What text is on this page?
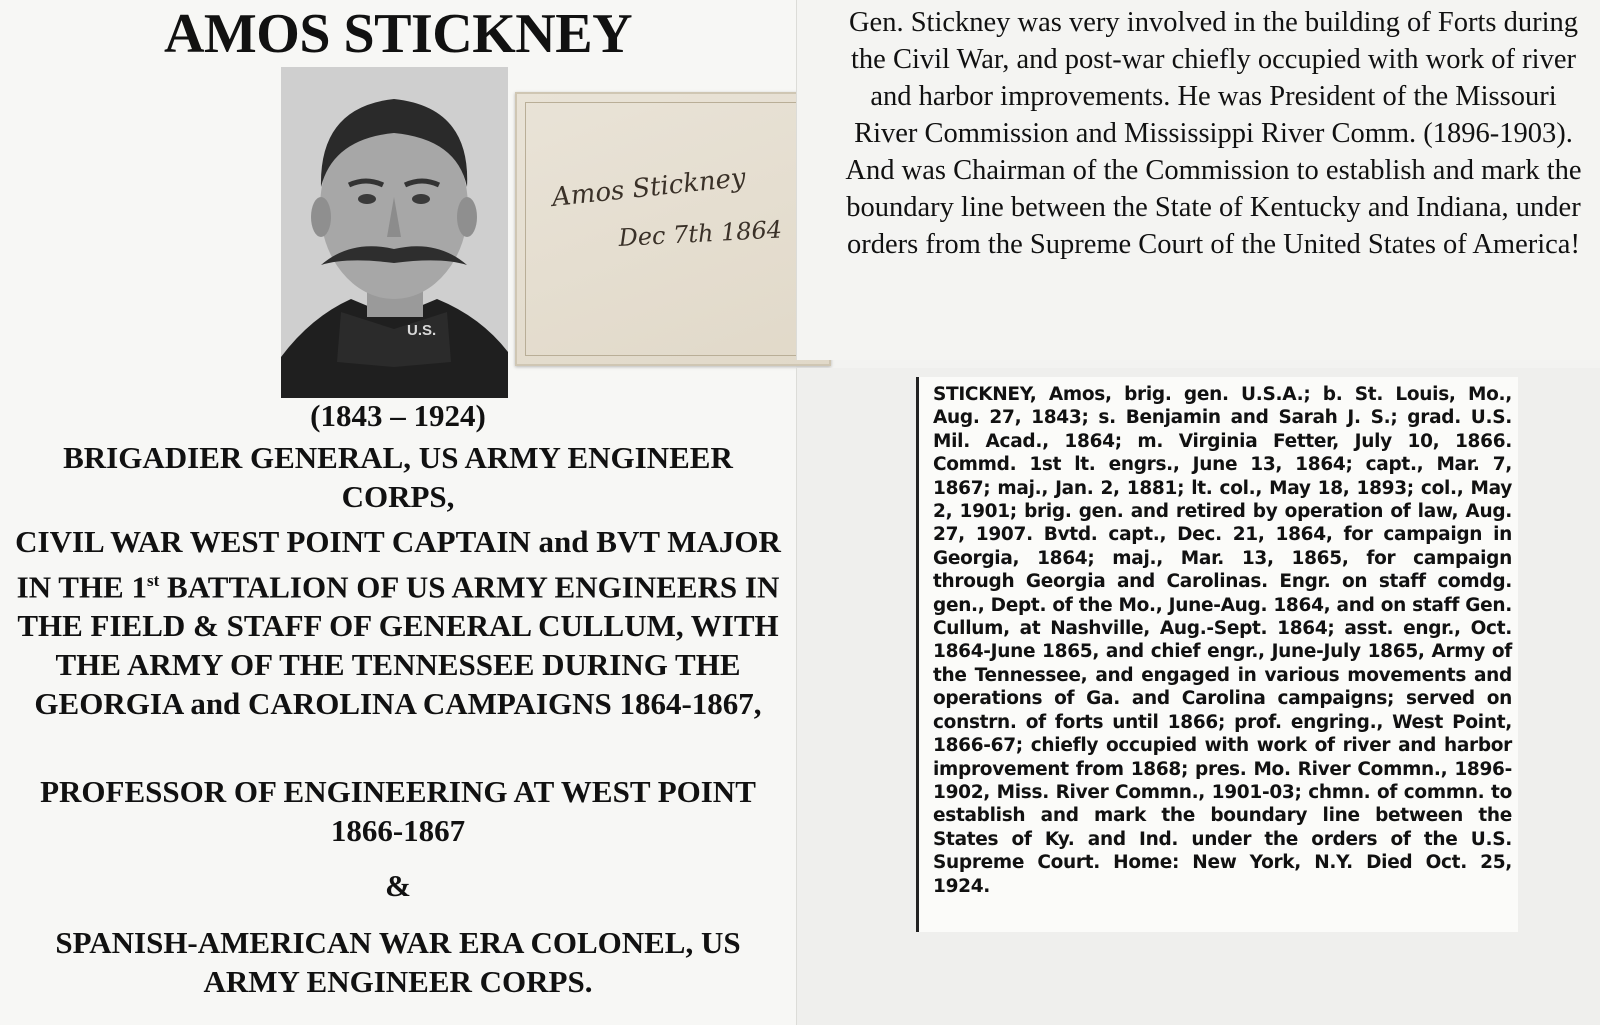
AMOS STICKNEY
U.S.
Amos Stickney
Dec 7th 1864
(1843 – 1924)

BRIGADIER GENERAL, US ARMY ENGINEER CORPS,

CIVIL WAR WEST POINT CAPTAIN and BVT MAJOR IN THE 1st BATTALION OF US ARMY ENGINEERS IN THE FIELD & STAFF OF GENERAL CULLUM, WITH THE ARMY OF THE TENNESSEE DURING THE GEORGIA and CAROLINA CAMPAIGNS 1864-1867,

PROFESSOR OF ENGINEERING AT WEST POINT 1866-1867

&

SPANISH-AMERICAN WAR ERA COLONEL, US ARMY ENGINEER CORPS.

Gen. Stickney was very involved in the building of Forts during the Civil War, and post-war chiefly occupied with work of river and harbor improvements. He was President of the Missouri River Commission and Mississippi River Comm. (1896-1903). And was Chairman of the Commission to establish and mark the boundary line between the State of Kentucky and Indiana, under orders from the Supreme Court of the United States of America!

STICKNEY, Amos, brig. gen. U.S.A.; b. St. Louis, Mo., Aug. 27, 1843; s. Benjamin and Sarah J. S.; grad. U.S. Mil. Acad., 1864; m. Virginia Fetter, July 10, 1866. Commd. 1st lt. engrs., June 13, 1864; capt., Mar. 7, 1867; maj., Jan. 2, 1881; lt. col., May 18, 1893; col., May 2, 1901; brig. gen. and retired by operation of law, Aug. 27, 1907. Bvtd. capt., Dec. 21, 1864, for campaign in Georgia, 1864; maj., Mar. 13, 1865, for campaign through Georgia and Carolinas. Engr. on staff comdg. gen., Dept. of the Mo., June-Aug. 1864, and on staff Gen. Cullum, at Nashville, Aug.-Sept. 1864; asst. engr., Oct. 1864-June 1865, and chief engr., June-July 1865, Army of the Tennessee, and engaged in various movements and operations of Ga. and Carolina campaigns; served on constrn. of forts until 1866; prof. engring., West Point, 1866-67; chiefly occupied with work of river and harbor improvement from 1868; pres. Mo. River Commn., 1896-1902, Miss. River Commn., 1901-03; chmn. of commn. to establish and mark the boundary line between the States of Ky. and Ind. under the orders of the U.S. Supreme Court. Home: New York, N.Y. Died Oct. 25, 1924.
